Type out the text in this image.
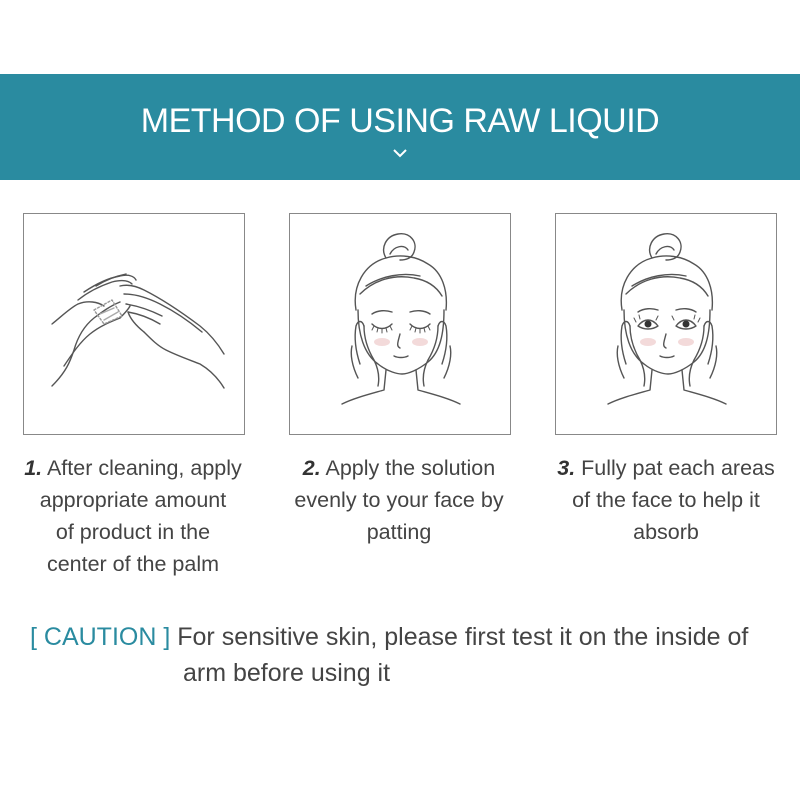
METHOD OF USING RAW LIQUID
1. After cleaning, apply
appropriate amount
of product in the
center of the palm
2. Apply the solution
evenly to your face by
patting
3. Fully pat each areas
of the face to help it
absorb
[ CAUTION ] For sensitive skin, please first test it on the inside of
arm before using it
